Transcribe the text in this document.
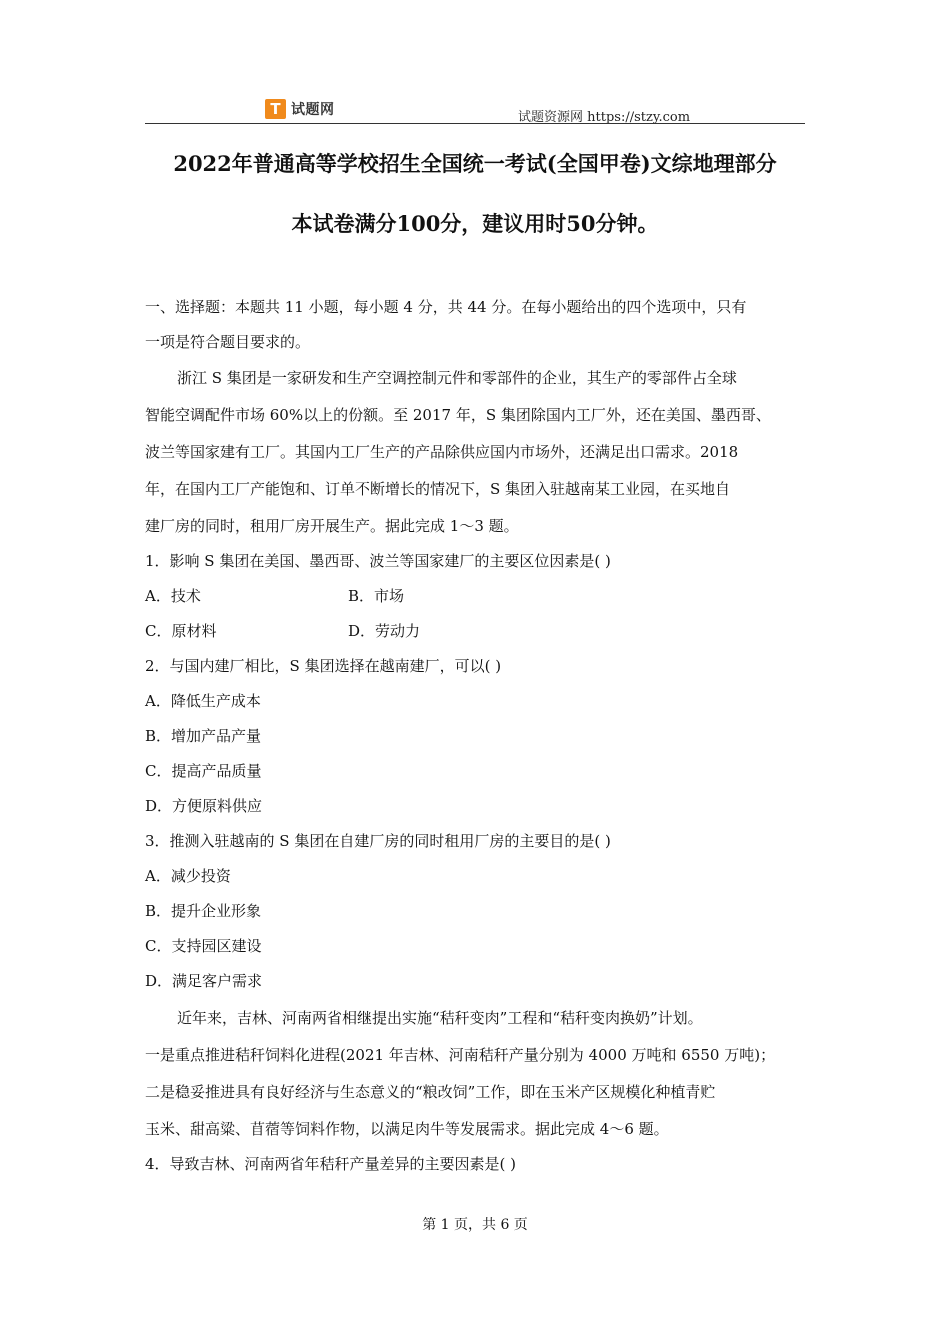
T 试题网	试题资源网 https://stzy.com
2022年普通高等学校招生全国统一考试(全国甲卷)文综地理部分
本试卷满分100分，建议用时50分钟。
一、选择题：本题共 11 小题，每小题 4 分，共 44 分。在每小题给出的四个选项中，只有
一项是符合题目要求的。
浙江 S 集团是一家研发和生产空调控制元件和零部件的企业，其生产的零部件占全球
智能空调配件市场 60%以上的份额。至 2017 年，S 集团除国内工厂外，还在美国、墨西哥、
波兰等国家建有工厂。其国内工厂生产的产品除供应国内市场外，还满足出口需求。2018
年，在国内工厂产能饱和、订单不断增长的情况下，S 集团入驻越南某工业园，在买地自
建厂房的同时，租用厂房开展生产。据此完成 1～3 题。
1．影响 S 集团在美国、墨西哥、波兰等国家建厂的主要区位因素是( )
A．技术	B．市场
C．原材料	D．劳动力
2．与国内建厂相比，S 集团选择在越南建厂，可以( )
A．降低生产成本
B．增加产品产量
C．提高产品质量
D．方便原料供应
3．推测入驻越南的 S 集团在自建厂房的同时租用厂房的主要目的是( )
A．减少投资
B．提升企业形象
C．支持园区建设
D．满足客户需求
近年来，吉林、河南两省相继提出实施“秸秆变肉”工程和“秸秆变肉换奶”计划。
一是重点推进秸秆饲料化进程(2021 年吉林、河南秸秆产量分别为 4000 万吨和 6550 万吨)；
二是稳妥推进具有良好经济与生态意义的“粮改饲”工作，即在玉米产区规模化种植青贮
玉米、甜高粱、苜蓿等饲料作物，以满足肉牛等发展需求。据此完成 4～6 题。
4．导致吉林、河南两省年秸秆产量差异的主要因素是( )
第 1 页，共 6 页
